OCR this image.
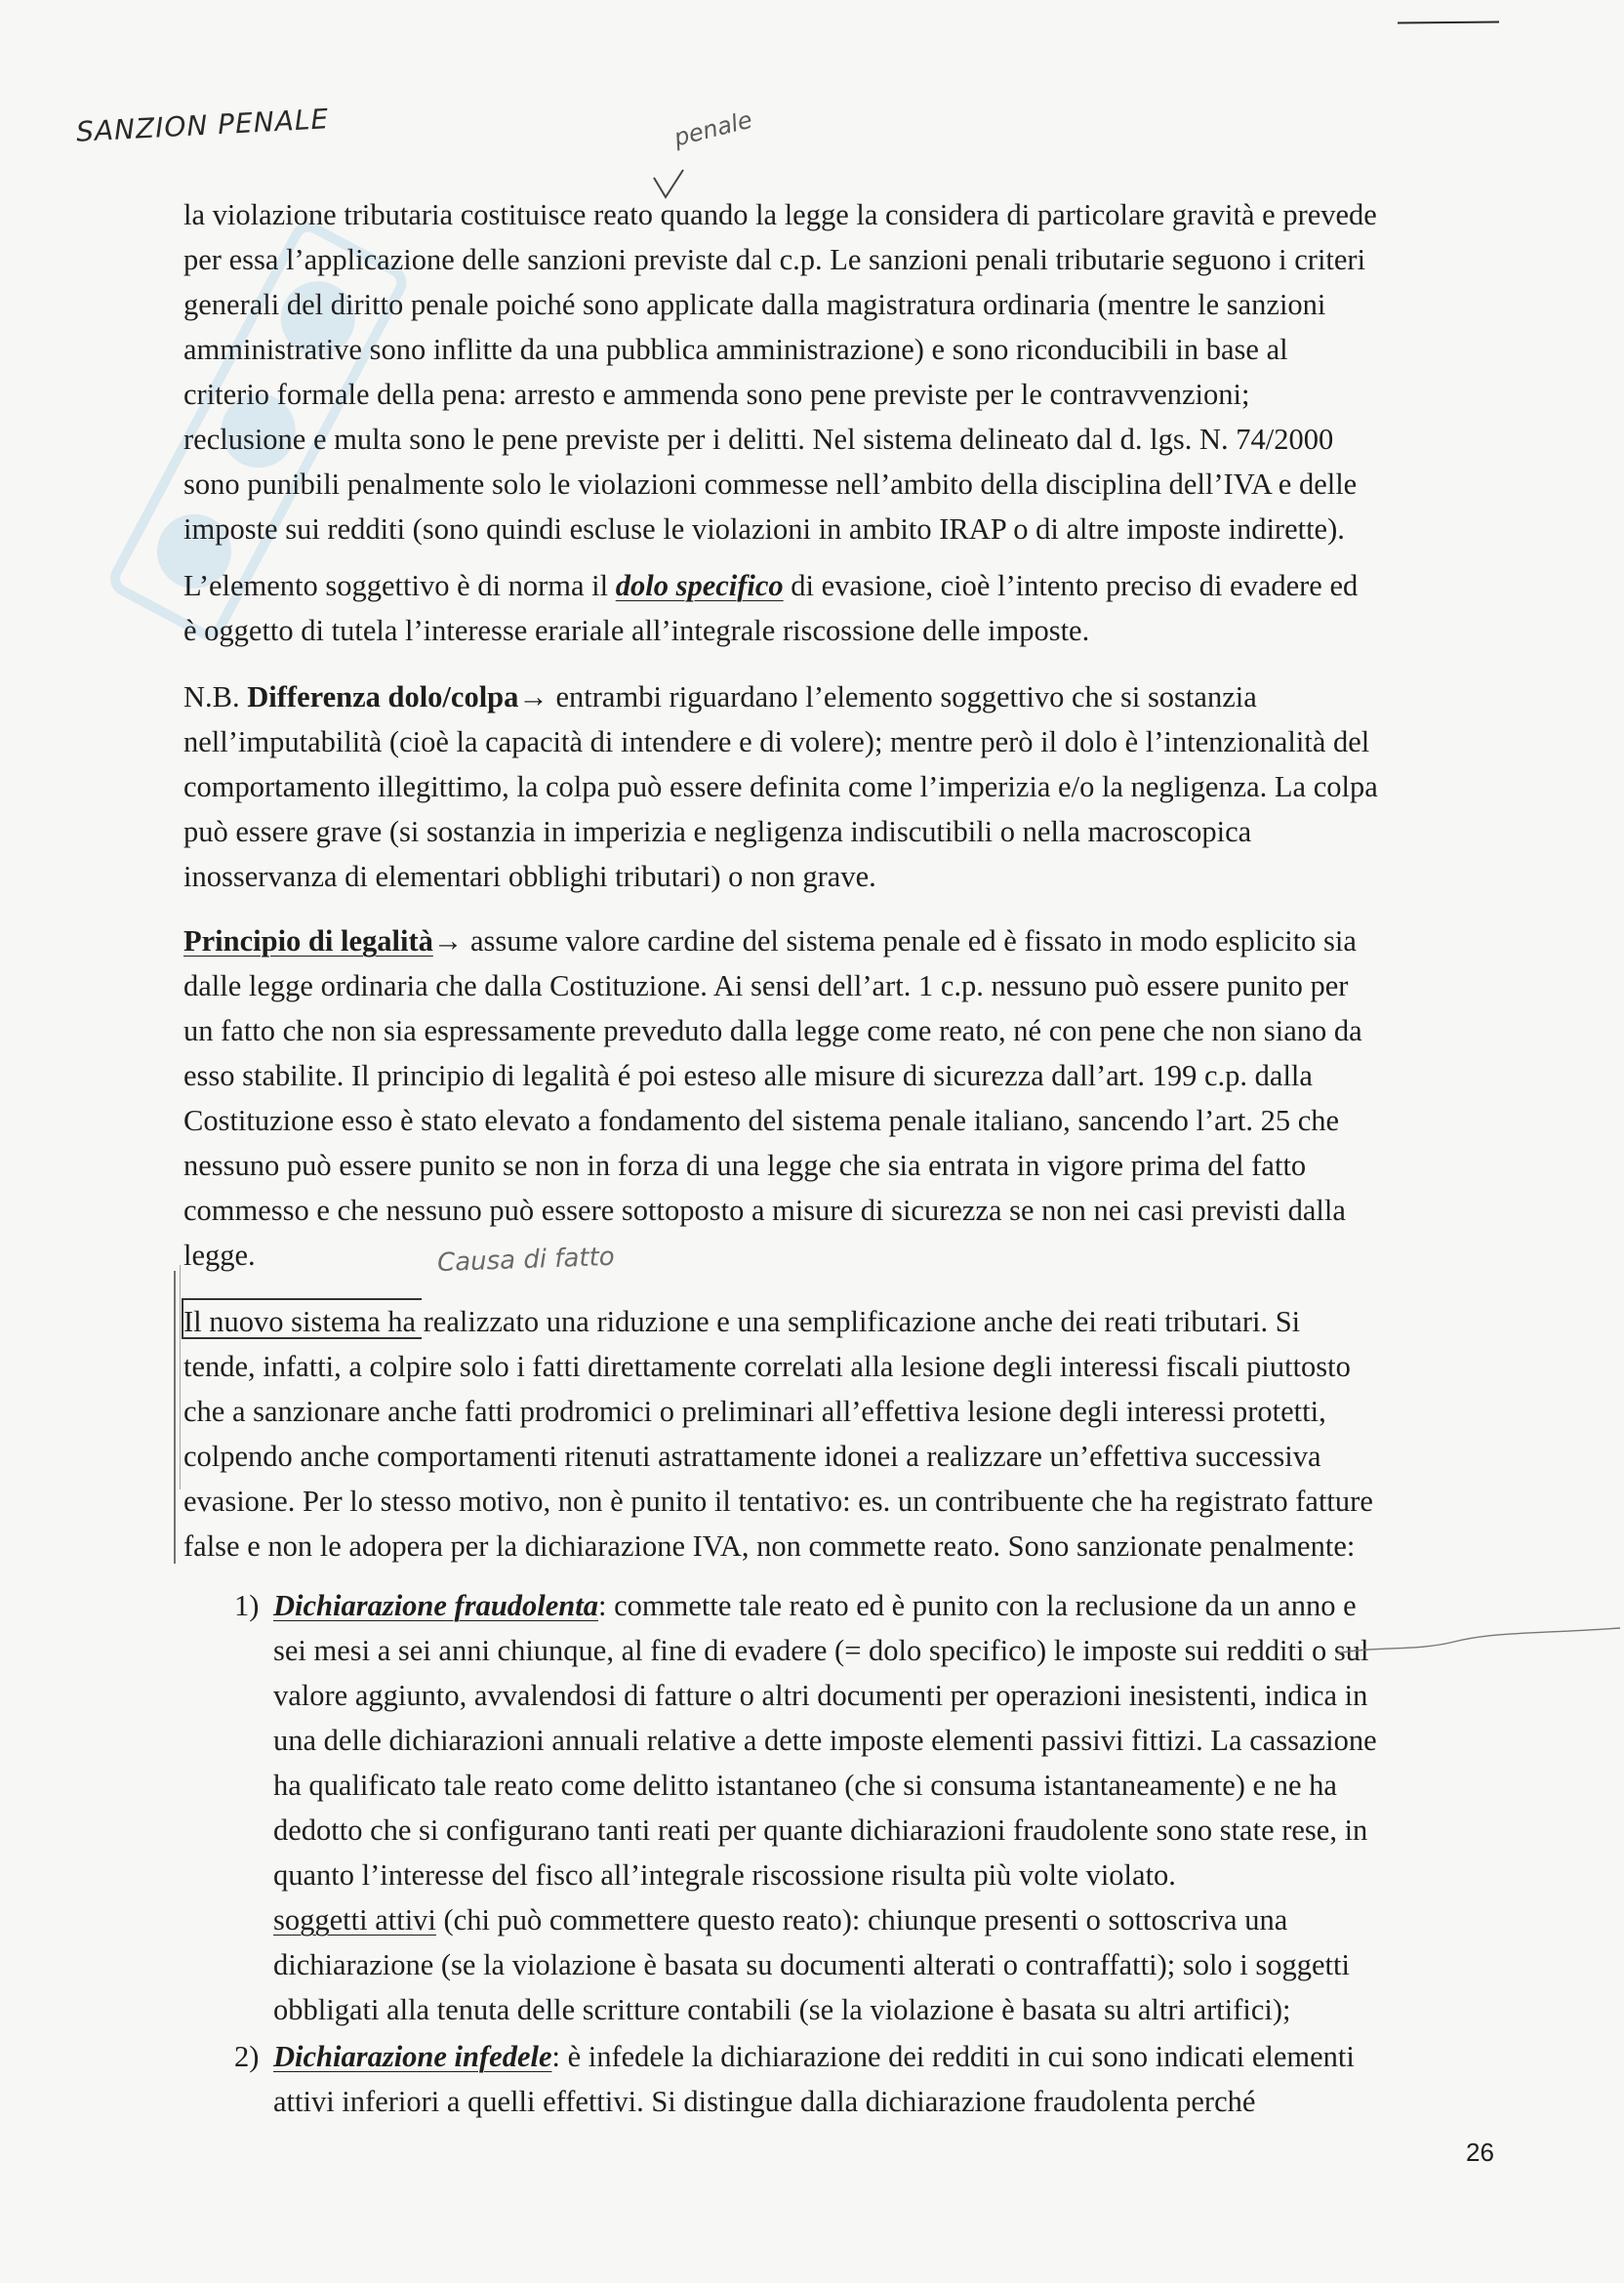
SANZION PENALE	penale

la violazione tributaria costituisce reato quando la legge la considera di particolare gravità e prevede

per essa l’applicazione delle sanzioni previste dal c.p. Le sanzioni penali tributarie seguono i criteri

generali del diritto penale poiché sono applicate dalla magistratura ordinaria (mentre le sanzioni

amministrative sono inflitte da una pubblica amministrazione) e sono riconducibili in base al

criterio formale della pena: arresto e ammenda sono pene previste per le contravvenzioni;

reclusione e multa sono le pene previste per i delitti. Nel sistema delineato dal d. lgs. N. 74/2000

sono punibili penalmente solo le violazioni commesse nell’ambito della disciplina dell’IVA e delle

imposte sui redditi (sono quindi escluse le violazioni in ambito IRAP o di altre imposte indirette).

L’elemento soggettivo è di norma il dolo specifico di evasione, cioè l’intento preciso di evadere ed

è oggetto di tutela l’interesse erariale all’integrale riscossione delle imposte.

N.B. Differenza dolo/colpa→ entrambi riguardano l’elemento soggettivo che si sostanzia

nell’imputabilità (cioè la capacità di intendere e di volere); mentre però il dolo è l’intenzionalità del

comportamento illegittimo, la colpa può essere definita come l’imperizia e/o la negligenza. La colpa

può essere grave (si sostanzia in imperizia e negligenza indiscutibili o nella macroscopica

inosservanza di elementari obblighi tributari) o non grave.

Principio di legalità→ assume valore cardine del sistema penale ed è fissato in modo esplicito sia

dalle legge ordinaria che dalla Costituzione. Ai sensi dell’art. 1 c.p. nessuno può essere punito per

un fatto che non sia espressamente preveduto dalla legge come reato, né con pene che non siano da

esso stabilite. Il principio di legalità é poi esteso alle misure di sicurezza dall’art. 199 c.p. dalla

Costituzione esso è stato elevato a fondamento del sistema penale italiano, sancendo l’art. 25 che

nessuno può essere punito se non in forza di una legge che sia entrata in vigore prima del fatto

commesso e che nessuno può essere sottoposto a misure di sicurezza se non nei casi previsti dalla

legge.	Causa di fatto

Il nuovo sistema ha realizzato una riduzione e una semplificazione anche dei reati tributari. Si

tende, infatti, a colpire solo i fatti direttamente correlati alla lesione degli interessi fiscali piuttosto

che a sanzionare anche fatti prodromici o preliminari all’effettiva lesione degli interessi protetti,

colpendo anche comportamenti ritenuti astrattamente idonei a realizzare un’effettiva successiva

evasione. Per lo stesso motivo, non è punito il tentativo: es. un contribuente che ha registrato fatture

false e non le adopera per la dichiarazione IVA, non commette reato. Sono sanzionate penalmente:

1) Dichiarazione fraudolenta: commette tale reato ed è punito con la reclusione da un anno e

sei mesi a sei anni chiunque, al fine di evadere (= dolo specifico) le imposte sui redditi o sul

valore aggiunto, avvalendosi di fatture o altri documenti per operazioni inesistenti, indica in

una delle dichiarazioni annuali relative a dette imposte elementi passivi fittizi. La cassazione

ha qualificato tale reato come delitto istantaneo (che si consuma istantaneamente) e ne ha

dedotto che si configurano tanti reati per quante dichiarazioni fraudolente sono state rese, in

quanto l’interesse del fisco all’integrale riscossione risulta più volte violato.

soggetti attivi (chi può commettere questo reato): chiunque presenti o sottoscriva una

dichiarazione (se la violazione è basata su documenti alterati o contraffatti); solo i soggetti

obbligati alla tenuta delle scritture contabili (se la violazione è basata su altri artifici);

2) Dichiarazione infedele: è infedele la dichiarazione dei redditi in cui sono indicati elementi

attivi inferiori a quelli effettivi. Si distingue dalla dichiarazione fraudolenta perché

26
